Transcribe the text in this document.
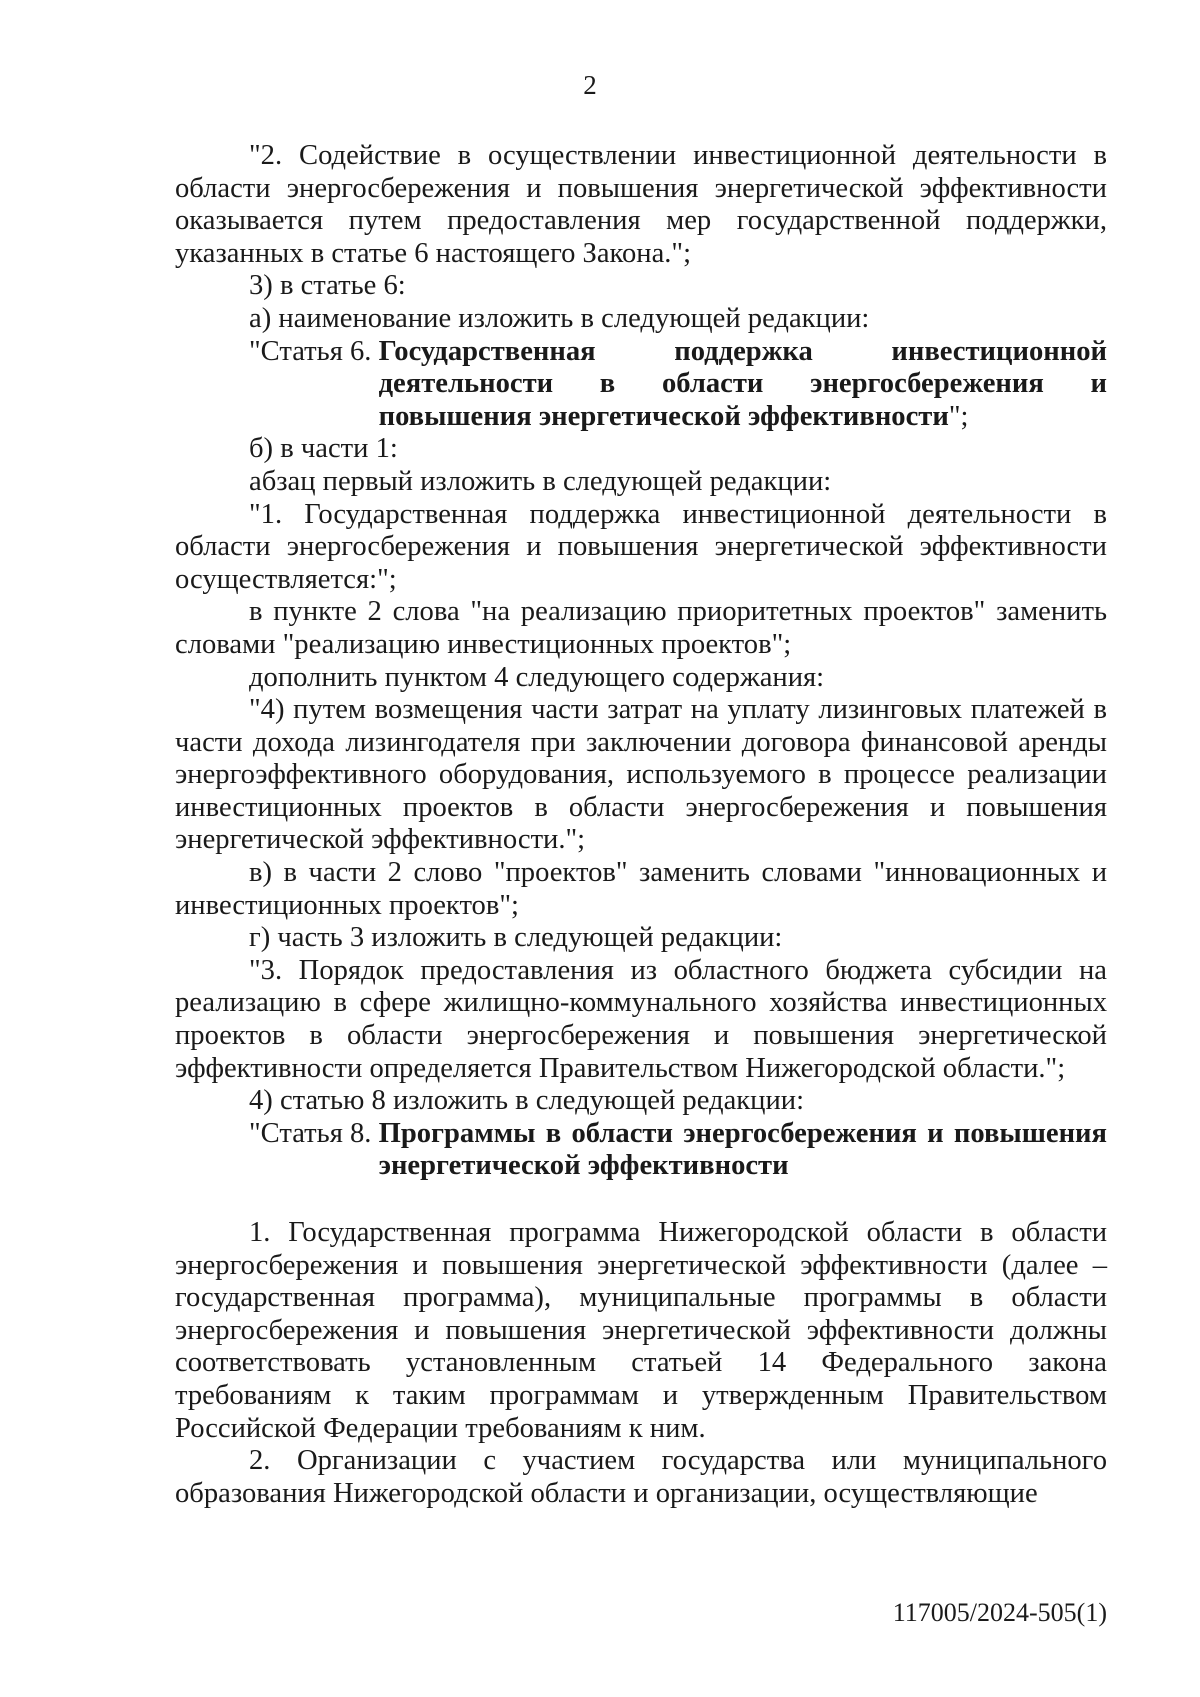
2

"2. Содействие в осуществлении инвестиционной деятельности в области энергосбережения и повышения энергетической эффективности оказывается путем предоставления мер государственной поддержки, указанных в статье 6 настоящего Закона.";

3) в статье 6:

а) наименование изложить в следующей редакции:

"Статья 6. Государственная поддержка инвестиционной деятельности в области энергосбережения и
повышения энергетической эффективности";

б) в части 1:

абзац первый изложить в следующей редакции:

"1. Государственная поддержка инвестиционной деятельности в области энергосбережения и повышения энергетической эффективности осуществляется:";

в пункте 2 слова "на реализацию приоритетных проектов" заменить словами "реализацию инвестиционных проектов";

дополнить пунктом 4 следующего содержания:

"4) путем возмещения части затрат на уплату лизинговых платежей в части дохода лизингодателя при заключении договора финансовой аренды энергоэффективного оборудования, используемого в процессе реализации инвестиционных проектов в области энергосбережения и повышения энергетической эффективности.";

в) в части 2 слово "проектов" заменить словами "инновационных и инвестиционных проектов";

г) часть 3 изложить в следующей редакции:

"3. Порядок предоставления из областного бюджета субсидии на реализацию в сфере жилищно-коммунального хозяйства инвестиционных проектов в области энергосбережения и повышения энергетической эффективности определяется Правительством Нижегородской области.";

4) статью 8 изложить в следующей редакции:

"Статья 8. Программы в области энергосбережения и повышения энергетической эффективности

1. Государственная программа Нижегородской области в области энергосбережения и повышения энергетической эффективности (далее – государственная программа), муниципальные программы в области энергосбережения и повышения энергетической эффективности должны соответствовать установленным статьей 14 Федерального закона требованиям к таким программам и утвержденным Правительством Российской Федерации требованиям к ним.

2. Организации с участием государства или муниципального образования Нижегородской области и организации, осуществляющие

117005/2024-505(1)
